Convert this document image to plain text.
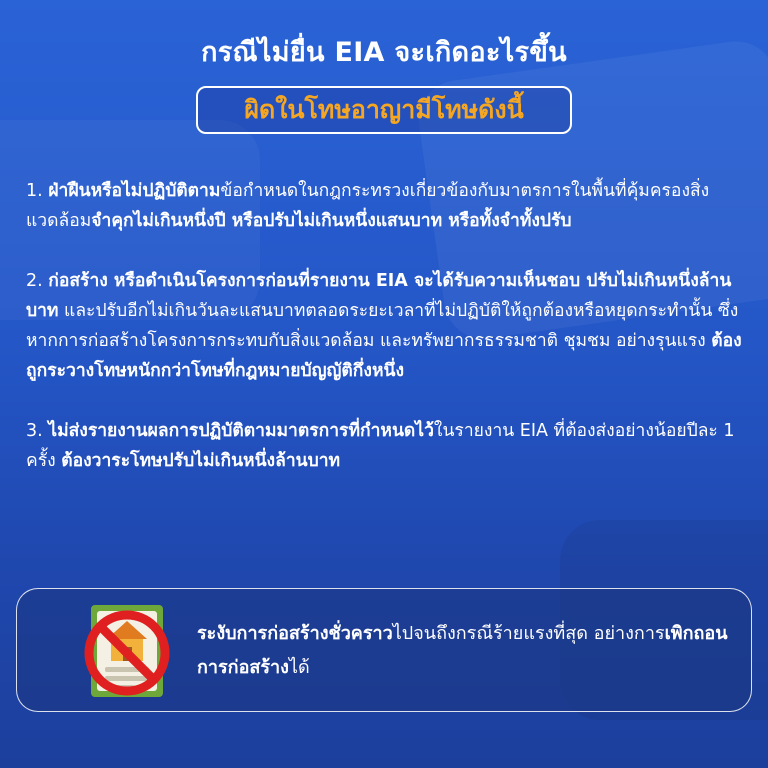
กรณีไม่ยื่น EIA จะเกิดอะไรขึ้น
ผิดในโทษอาญามีโทษดังนี้

1. ฝ่าฝืนหรือไม่ปฏิบัติตามข้อกำหนดในกฎกระทรวงเกี่ยวข้องกับมาตรการในพื้นที่คุ้มครองสิ่งแวดล้อมจำคุกไม่เกินหนึ่งปี หรือปรับไม่เกินหนึ่งแสนบาท หรือทั้งจำทั้งปรับ

2. ก่อสร้าง หรือดำเนินโครงการก่อนที่รายงาน EIA จะได้รับความเห็นชอบ ปรับไม่เกินหนึ่งล้านบาท และปรับอีกไม่เกินวันละแสนบาทตลอดระยะเวลาที่ไม่ปฏิบัติให้ถูกต้องหรือหยุดกระทำนั้น ซึ่งหากการก่อสร้างโครงการกระทบกับสิ่งแวดล้อม และทรัพยากรธรรมชาติ ชุมชม อย่างรุนแรง ต้องถูกระวางโทษหนักกว่าโทษที่กฎหมายบัญญัติกึ่งหนึ่ง

3. ไม่ส่งรายงานผลการปฏิบัติตามมาตรการที่กำหนดไว้ในรายงาน EIA ที่ต้องส่งอย่างน้อยปีละ 1 ครั้ง ต้องวาระโทษปรับไม่เกินหนึ่งล้านบาท

ระงับการก่อสร้างชั่วคราวไปจนถึงกรณีร้ายแรงที่สุด อย่างการเพิกถอนการก่อสร้างได้
